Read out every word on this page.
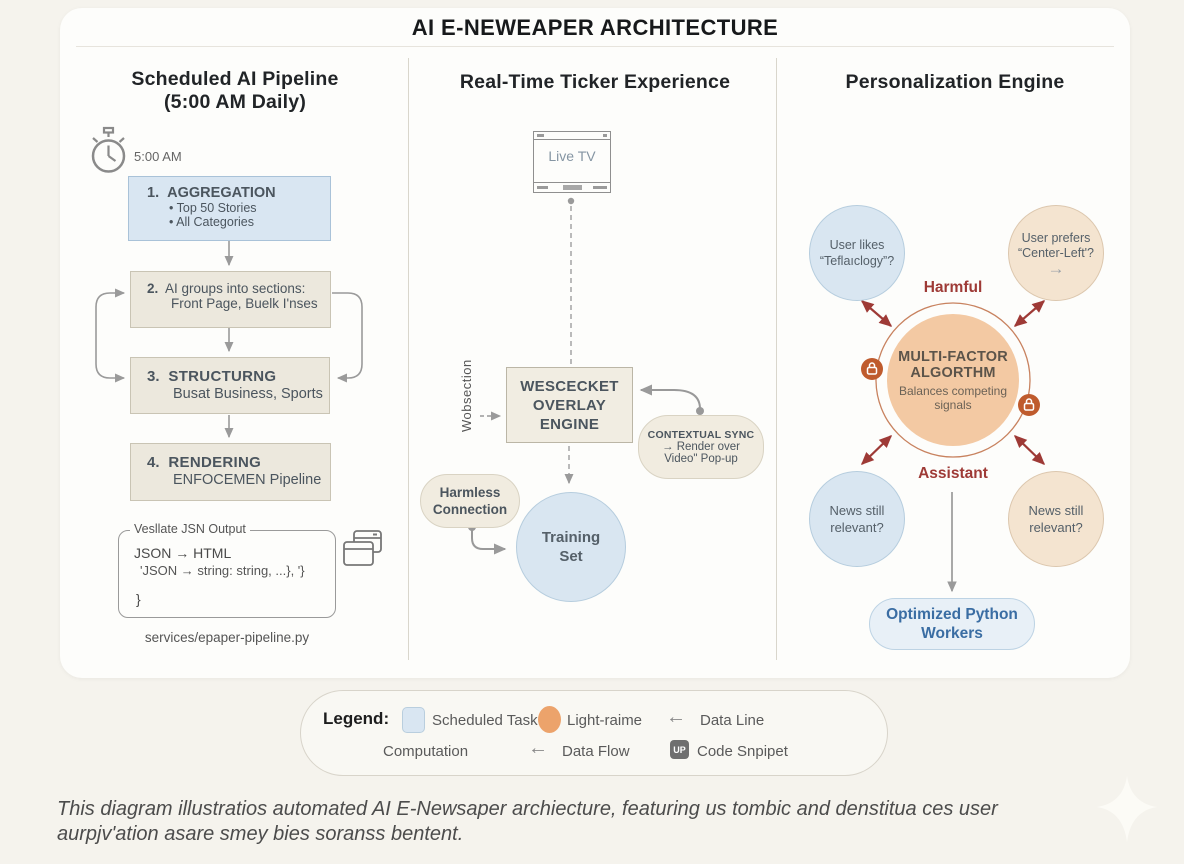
AI E-NEWEAPER ARCHITECTURE
Scheduled AI Pipeline
(5:00 AM Daily)
5:00 AM
1. AGGREGATION
• Top 50 Stories
• All Categories
2. AI groups into sections:
Front Page, Buelk I'nses
3. STRUCTURNG
Busat Business, Sports
4. RENDERING
ENFOCEMEN Pipeline
Vesllate JSN Output
JSON → HTML
'JSON → string: string, ...}, '}
}
services/epaper-pipeline.py
Real-Time Ticker Experience
Live TV
Wobsection	WESCECKET
OVERLAY
ENGINE
CONTEXTUAL SYNC
→ Render over
Video" Pop-up
Harmless
Connection
Training
Set
Personalization Engine
User likes
“Teflaıclogy”?
User prefers
“Center-Left'?
→
Harmful
MULTI-FACTOR
ALGORTHM
Balances competing
signals
Assistant
News still
relevant?
News still
relevant?
Optimized Python
Workers
Legend:	Scheduled Task Light-raime ← Data Line
Computation	← Data Flow	UP Code Snpipet
This diagram illustratios automated AI E-Newsaper archiecture, featuring us tombic and denstitua ces user
aurpjv'ation asare smey bies soranss bentent.
